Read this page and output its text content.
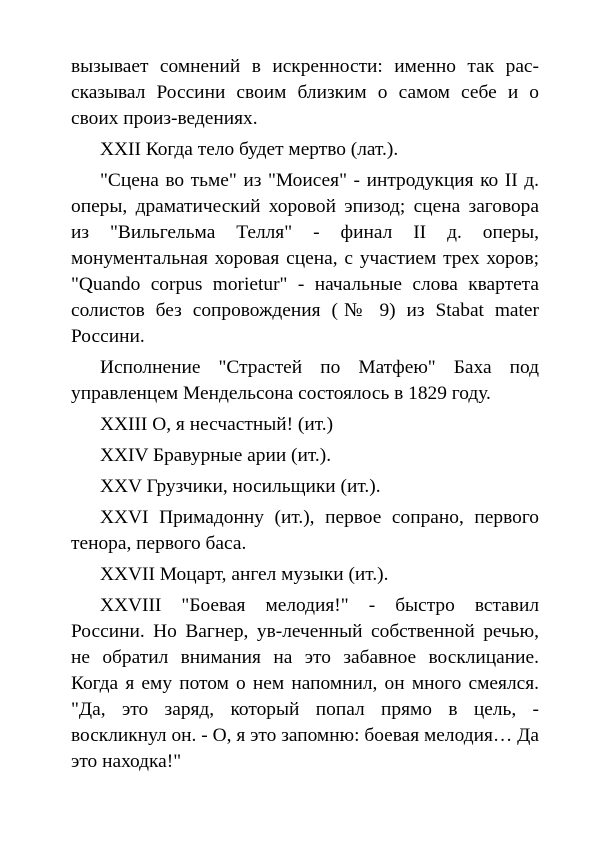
вызывает сомнений в искренности: именно так рас-сказывал Россини своим близким о самом себе и о своих произ-ведениях.

XXII Когда тело будет мертво (лат.).

"Сцена во тьме" из "Моисея" - интродукция ко II д. оперы, драматический хоровой эпизод; сцена заговора из "Вильгельма Телля" - финал II д. оперы, монументальная хоровая сцена, с участием трех хоров; "Quando corpus morietur" - начальные слова квартета солистов без сопровождения (№ 9) из Stabat mater Россини.

Исполнение "Страстей по Матфею" Баха под управленцем Мендельсона состоялось в 1829 году.

XXIII О, я несчастный! (ит.)

XXIV Бравурные арии (ит.).

XXV Грузчики, носильщики (ит.).

XXVI Примадонну (ит.), первое сопрано, первого тенора, первого баса.

XXVII Моцарт, ангел музыки (ит.).

XXVIII "Боевая мелодия!" - быстро вставил Россини. Но Вагнер, ув-леченный собственной речью, не обратил внимания на это забавное восклицание. Когда я ему потом о нем напомнил, он много смеялся. "Да, это заряд, который попал прямо в цель, - воскликнул он. - О, я это запомню: боевая мелодия… Да это находка!"
